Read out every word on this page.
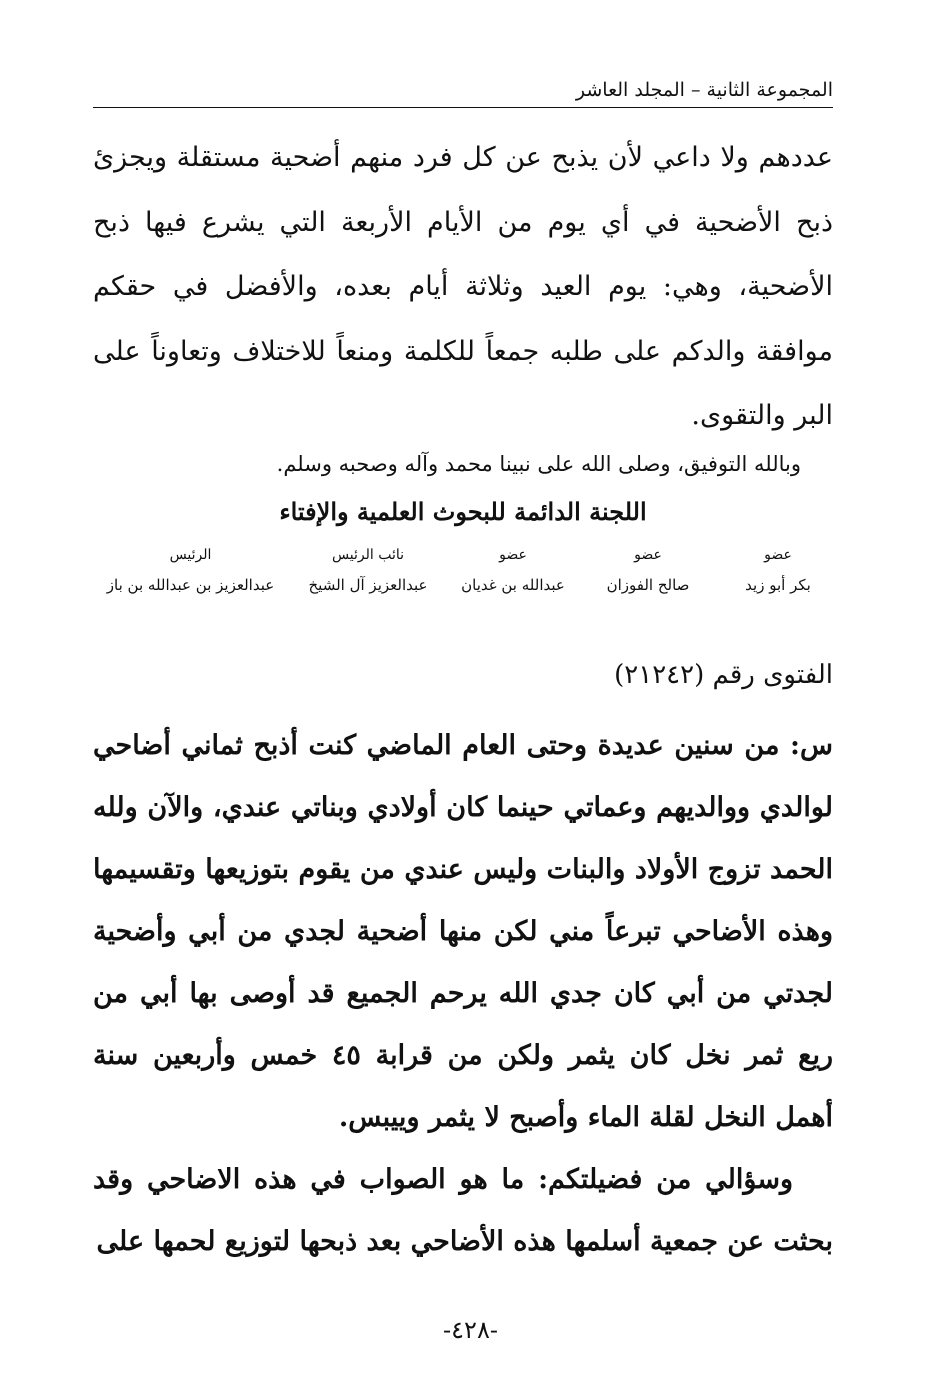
المجموعة الثانية – المجلد العاشر
عددهم ولا داعي لأن يذبح عن كل فرد منهم أضحية مستقلة ويجزئ ذبح الأضحية في أي يوم من الأيام الأربعة التي يشرع فيها ذبح الأضحية، وهي: يوم العيد وثلاثة أيام بعده، والأفضل في حقكم موافقة والدكم على طلبه جمعاً للكلمة ومنعاً للاختلاف وتعاوناً على البر والتقوى.
وبالله التوفيق، وصلى الله على نبينا محمد وآله وصحبه وسلم.
اللجنة الدائمة للبحوث العلمية والإفتاء
عضو
بكر أبو زيد
عضو
صالح الفوزان
عضو
عبدالله بن غديان
نائب الرئيس
عبدالعزيز آل الشيخ
الرئيس
عبدالعزيز بن عبدالله بن باز
الفتوى رقم (٢١٢٤٢)

س: من سنين عديدة وحتى العام الماضي كنت أذبح ثماني أضاحي لوالدي ووالديهم وعماتي حينما كان أولادي وبناتي عندي، والآن ولله الحمد تزوج الأولاد والبنات وليس عندي من يقوم بتوزيعها وتقسيمها وهذه الأضاحي تبرعاً مني لكن منها أضحية لجدي من أبي وأضحية لجدتي من أبي كان جدي الله يرحم الجميع قد أوصى بها أبي من ريع ثمر نخل كان يثمر ولكن من قرابة ٤٥ خمس وأربعين سنة أهمل النخل لقلة الماء وأصبح لا يثمر وييبس.

وسؤالي من فضيلتكم: ما هو الصواب في هذه الاضاحي وقد بحثت عن جمعية أسلمها هذه الأضاحي بعد ذبحها لتوزيع لحمها على

-٤٢٨-
